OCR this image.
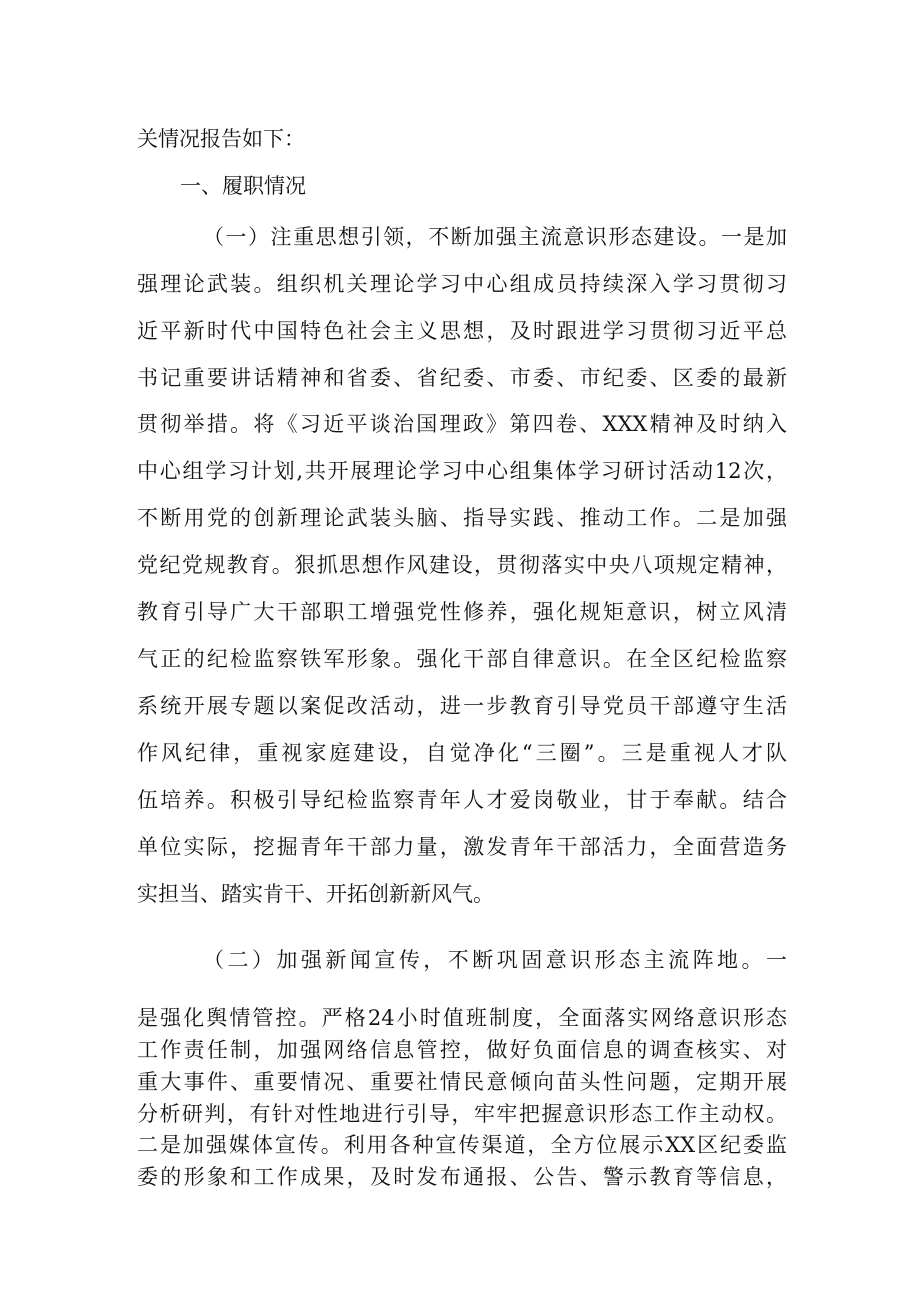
关情况报告如下：
一、履职情况
（一）注重思想引领，不断加强主流意识形态建设。一是加
强理论武装。组织机关理论学习中心组成员持续深入学习贯彻习
近平新时代中国特色社会主义思想，及时跟进学习贯彻习近平总
书记重要讲话精神和省委、省纪委、市委、市纪委、区委的最新
贯彻举措。将《习近平谈治国理政》第四卷、XXX精神及时纳入
中心组学习计划,共开展理论学习中心组集体学习研讨活动12次，
不断用党的创新理论武装头脑、指导实践、推动工作。二是加强
党纪党规教育。狠抓思想作风建设，贯彻落实中央八项规定精神，
教育引导广大干部职工增强党性修养，强化规矩意识，树立风清
气正的纪检监察铁军形象。强化干部自律意识。在全区纪检监察
系统开展专题以案促改活动，进一步教育引导党员干部遵守生活
作风纪律，重视家庭建设，自觉净化“三圈”。三是重视人才队
伍培养。积极引导纪检监察青年人才爱岗敬业，甘于奉献。结合
单位实际，挖掘青年干部力量，激发青年干部活力，全面营造务
实担当、踏实肯干、开拓创新新风气。
（二）加强新闻宣传，不断巩固意识形态主流阵地。一
是强化舆情管控。严格24小时值班制度，全面落实网络意识形态
工作责任制，加强网络信息管控，做好负面信息的调查核实、对
重大事件、重要情况、重要社情民意倾向苗头性问题，定期开展
分析研判，有针对性地进行引导，牢牢把握意识形态工作主动权。
二是加强媒体宣传。利用各种宣传渠道，全方位展示XX区纪委监
委的形象和工作成果，及时发布通报、公告、警示教育等信息，
